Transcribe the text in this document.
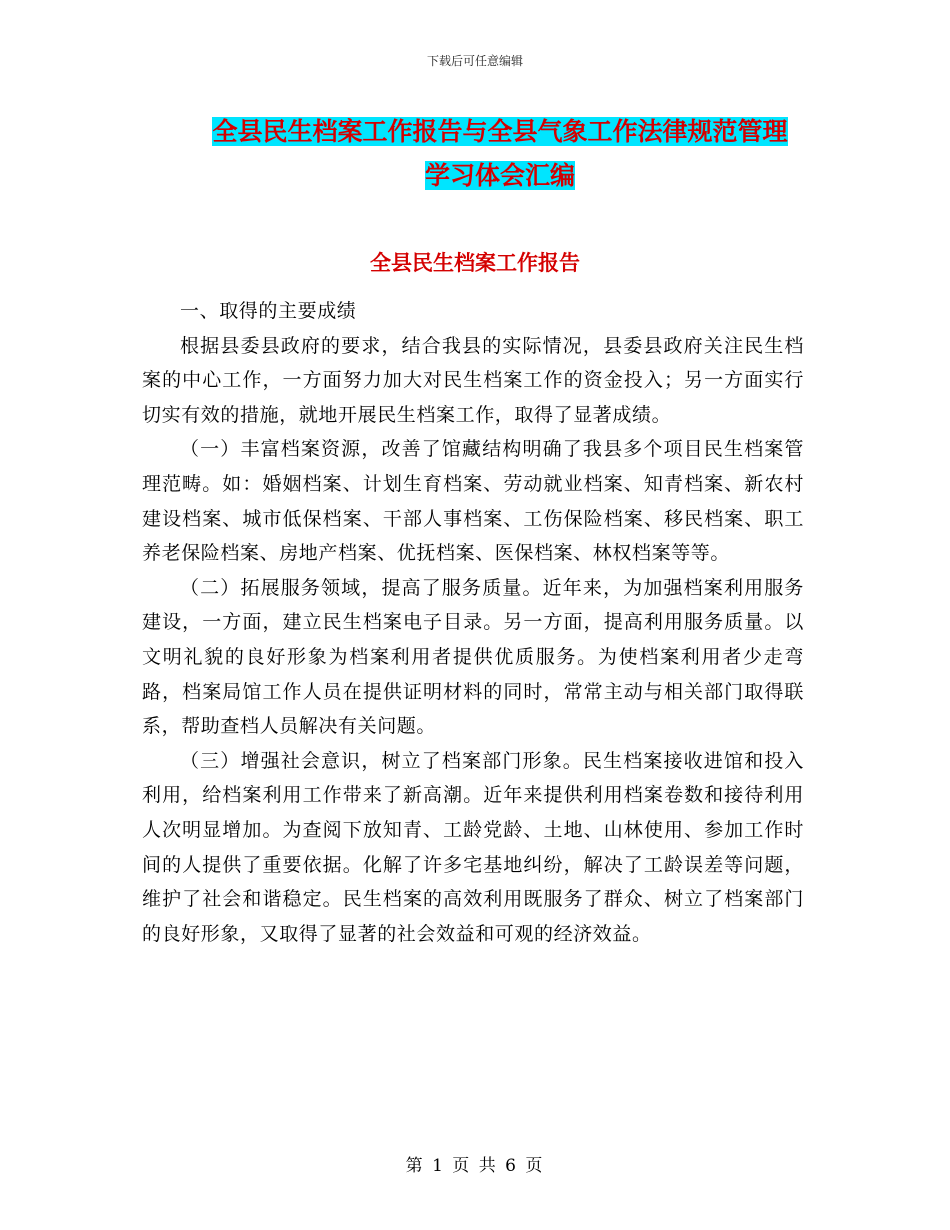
下载后可任意编辑
全县民生档案工作报告与全县气象工作法律规范管理
学习体会汇编
全县民生档案工作报告

一、取得的主要成绩

根据县委县政府的要求，结合我县的实际情况，县委县政府关注民生档案的中心工作，一方面努力加大对民生档案工作的资金投入；另一方面实行切实有效的措施，就地开展民生档案工作，取得了显著成绩。

（一）丰富档案资源，改善了馆藏结构明确了我县多个项目民生档案管理范畴。如：婚姻档案、计划生育档案、劳动就业档案、知青档案、新农村建设档案、城市低保档案、干部人事档案、工伤保险档案、移民档案、职工养老保险档案、房地产档案、优抚档案、医保档案、林权档案等等。

（二）拓展服务领域，提高了服务质量。近年来，为加强档案利用服务建设，一方面，建立民生档案电子目录。另一方面，提高利用服务质量。以文明礼貌的良好形象为档案利用者提供优质服务。为使档案利用者少走弯路，档案局馆工作人员在提供证明材料的同时，常常主动与相关部门取得联系，帮助查档人员解决有关问题。

（三）增强社会意识，树立了档案部门形象。民生档案接收进馆和投入利用，给档案利用工作带来了新高潮。近年来提供利用档案卷数和接待利用人次明显增加。为查阅下放知青、工龄党龄、土地、山林使用、参加工作时间的人提供了重要依据。化解了许多宅基地纠纷，解决了工龄误差等问题，维护了社会和谐稳定。民生档案的高效利用既服务了群众、树立了档案部门的良好形象，又取得了显著的社会效益和可观的经济效益。

第 1 页 共 6 页
